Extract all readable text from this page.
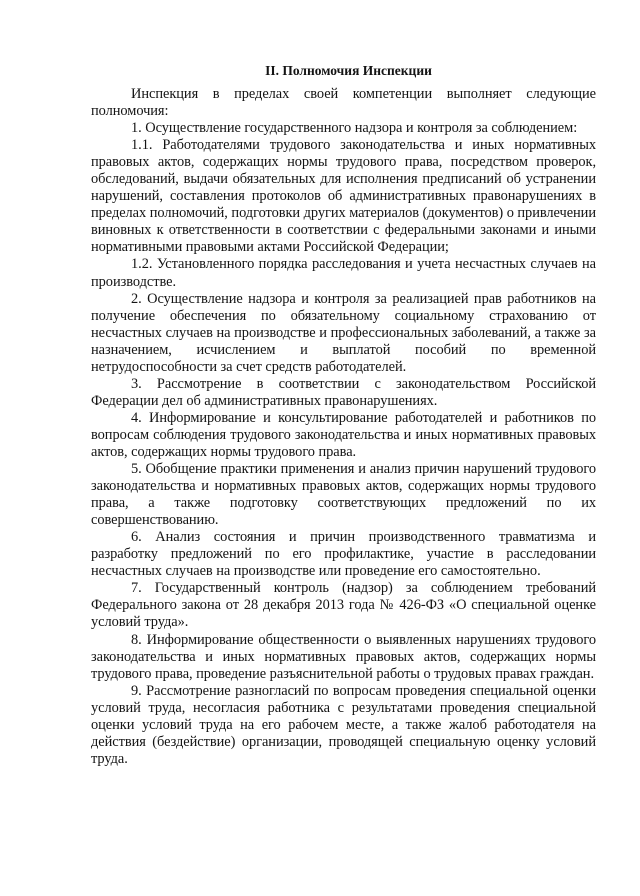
II. Полномочия Инспекции

Инспекция в пределах своей компетенции выполняет следующие полномочия:

1. Осуществление государственного надзора и контроля за соблюдением:

1.1. Работодателями трудового законодательства и иных нормативных правовых актов, содержащих нормы трудового права, посредством проверок, обследований, выдачи обязательных для исполнения предписаний об устранении нарушений, составления протоколов об административных правонарушениях в пределах полномочий, подготовки других материалов (документов) о привлечении виновных к ответственности в соответствии с федеральными законами и иными нормативными правовыми актами Российской Федерации;

1.2. Установленного порядка расследования и учета несчастных случаев на производстве.

2. Осуществление надзора и контроля за реализацией прав работников на получение обеспечения по обязательному социальному страхованию от несчастных случаев на производстве и профессиональных заболеваний, а также за назначением, исчислением и выплатой пособий по временной нетрудоспособности за счет средств работодателей.

3. Рассмотрение в соответствии с законодательством Российской Федерации дел об административных правонарушениях.

4. Информирование и консультирование работодателей и работников по вопросам соблюдения трудового законодательства и иных нормативных правовых актов, содержащих нормы трудового права.

5. Обобщение практики применения и анализ причин нарушений трудового законодательства и нормативных правовых актов, содержащих нормы трудового права, а также подготовку соответствующих предложений по их совершенствованию.

6. Анализ состояния и причин производственного травматизма и разработку предложений по его профилактике, участие в расследовании несчастных случаев на производстве или проведение его самостоятельно.

7. Государственный контроль (надзор) за соблюдением требований Федерального закона от 28 декабря 2013 года № 426-ФЗ «О специальной оценке условий труда».

8. Информирование общественности о выявленных нарушениях трудового законодательства и иных нормативных правовых актов, содержащих нормы трудового права, проведение разъяснительной работы о трудовых правах граждан.

9. Рассмотрение разногласий по вопросам проведения специальной оценки условий труда, несогласия работника с результатами проведения специальной оценки условий труда на его рабочем месте, а также жалоб работодателя на действия (бездействие) организации, проводящей специальную оценку условий труда.
